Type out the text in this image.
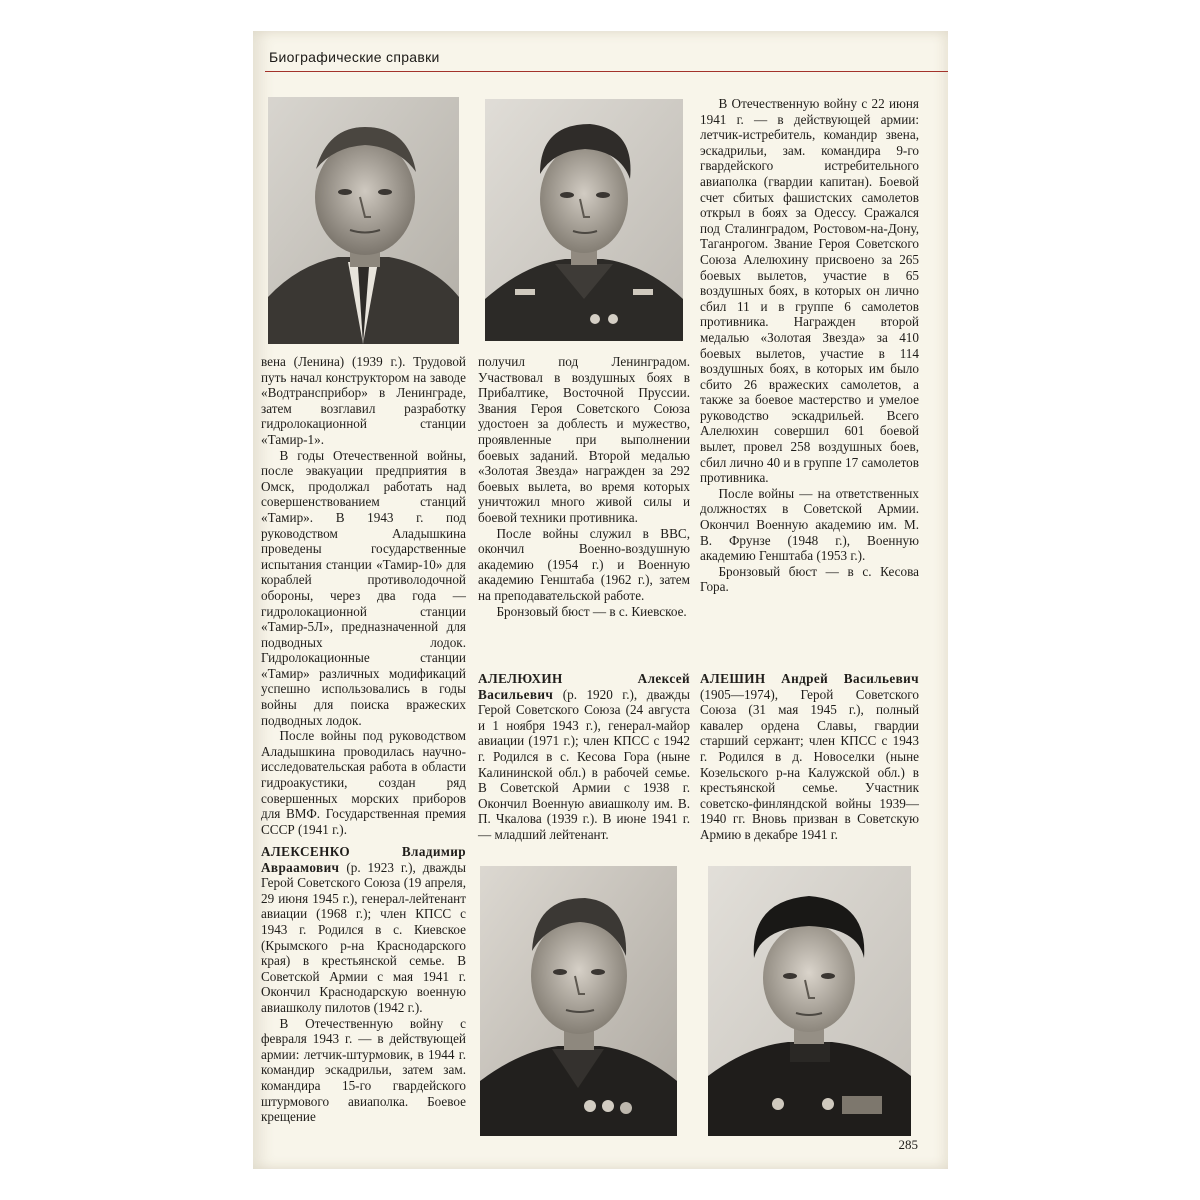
Биографические справки

вена (Ленина) (1939 г.). Трудовой путь начал конструктором на заводе «Водтрансприбор» в Ленинграде, затем возглавил разработку гидролокационной станции «Тамир-1».

В годы Отечественной войны, после эвакуации предприятия в Омск, продолжал работать над совершенствованием станций «Тамир». В 1943 г. под руководством Аладышкина проведены государственные испытания станции «Тамир-10» для кораблей противолодочной обороны, через два года — гидролокационной станции «Тамир-5Л», предназначенной для подводных лодок. Гидролокационные станции «Тамир» различных модификаций успешно использовались в годы войны для поиска вражеских подводных лодок.

После войны под руководством Аладышкина проводилась научно-исследовательская работа в области гидроакустики, создан ряд совершенных морских приборов для ВМФ. Государственная премия СССР (1941 г.).

АЛЕКСЕНКО Владимир Авраамович (р. 1923 г.), дважды Герой Советского Союза (19 апреля, 29 июня 1945 г.), генерал-лейтенант авиации (1968 г.); член КПСС с 1943 г. Родился в с. Киевское (Крымского р-на Краснодарского края) в крестьянской семье. В Советской Армии с мая 1941 г. Окончил Краснодарскую военную авиашколу пилотов (1942 г.).

В Отечественную войну с февраля 1943 г. — в действующей армии: летчик-штурмовик, в 1944 г. командир эскадрильи, затем зам. командира 15-го гвардейского штурмового авиаполка. Боевое крещение

получил под Ленинградом. Участвовал в воздушных боях в Прибалтике, Восточной Пруссии. Звания Героя Советского Союза удостоен за доблесть и мужество, проявленные при выполнении боевых заданий. Второй медалью «Золотая Звезда» награжден за 292 боевых вылета, во время которых уничтожил много живой силы и боевой техники противника.

После войны служил в ВВС, окончил Военно-воздушную академию (1954 г.) и Военную академию Генштаба (1962 г.), затем на преподавательской работе.

Бронзовый бюст — в с. Киевское.

АЛЕЛЮХИН Алексей Васильевич (р. 1920 г.), дважды Герой Советского Союза (24 августа и 1 ноября 1943 г.), генерал-майор авиации (1971 г.); член КПСС с 1942 г. Родился в с. Кесова Гора (ныне Калининской обл.) в рабочей семье. В Советской Армии с 1938 г. Окончил Военную авиашколу им. В. П. Чкалова (1939 г.). В июне 1941 г. — младший лейтенант.

В Отечественную войну с 22 июня 1941 г. — в действующей армии: летчик-истребитель, командир звена, эскадрильи, зам. командира 9-го гвардейского истребительного авиаполка (гвардии капитан). Боевой счет сбитых фашистских самолетов открыл в боях за Одессу. Сражался под Сталинградом, Ростовом-на-Дону, Таганрогом. Звание Героя Советского Союза Алелюхину присвоено за 265 боевых вылетов, участие в 65 воздушных боях, в которых он лично сбил 11 и в группе 6 самолетов противника. Награжден второй медалью «Золотая Звезда» за 410 боевых вылетов, участие в 114 воздушных боях, в которых им было сбито 26 вражеских самолетов, а также за боевое мастерство и умелое руководство эскадрильей. Всего Алелюхин совершил 601 боевой вылет, провел 258 воздушных боев, сбил лично 40 и в группе 17 самолетов противника.

После войны — на ответственных должностях в Советской Армии. Окончил Военную академию им. М. В. Фрунзе (1948 г.), Военную академию Генштаба (1953 г.).

Бронзовый бюст — в с. Кесова Гора.

АЛЕШИН Андрей Васильевич (1905—1974), Герой Советского Союза (31 мая 1945 г.), полный кавалер ордена Славы, гвардии старший сержант; член КПСС с 1943 г. Родился в д. Новоселки (ныне Козельского р-на Калужской обл.) в крестьянской семье. Участник советско-финляндской войны 1939—1940 гг. Вновь призван в Советскую Армию в декабре 1941 г.

285
